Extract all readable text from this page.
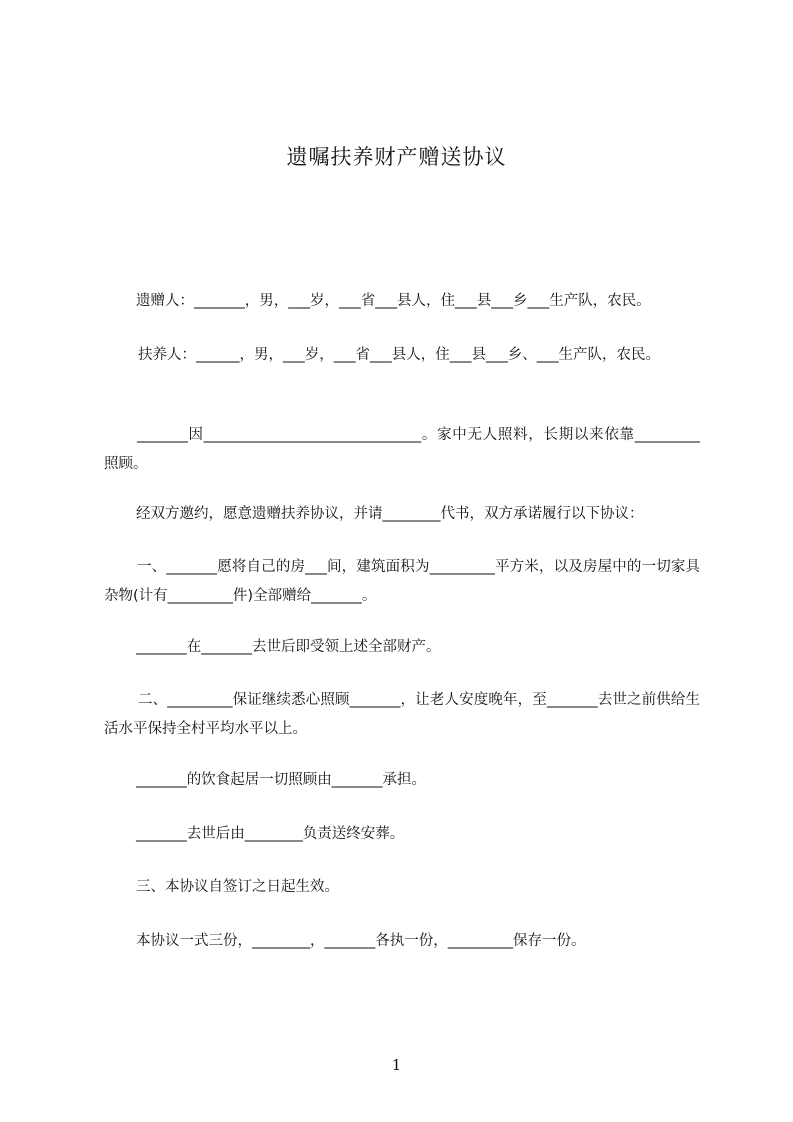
遗嘱扶养财产赠送协议

遗赠人：_______，男，___岁，___省___县人，住___县___乡___生产队，农民。

扶养人：______，男，___岁，___省___县人，住___县___乡、___生产队，农民。

_______因______________________________。家中无人照料，长期以来依靠_________照顾。

经双方邀约，愿意遗赠扶养协议，并请________代书，双方承诺履行以下协议：

一、_______愿将自己的房___间，建筑面积为_________平方米，以及房屋中的一切家具杂物(计有_________件)全部赠给_______。

_______在_______去世后即受领上述全部财产。

二、_________保证继续悉心照顾_______，让老人安度晚年，至_______去世之前供给生活水平保持全村平均水平以上。

_______的饮食起居一切照顾由_______承担。

_______去世后由________负责送终安葬。

三、本协议自签订之日起生效。

本协议一式三份，________，_______各执一份，_________保存一份。

1
